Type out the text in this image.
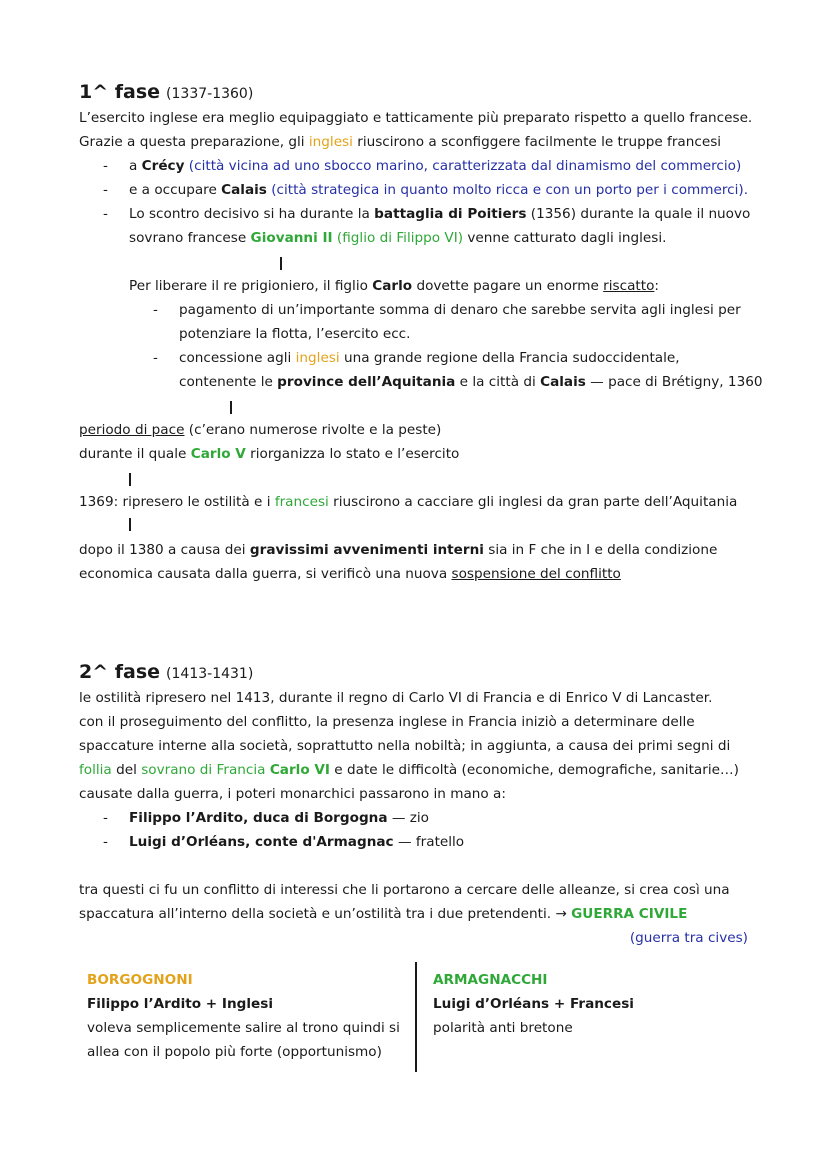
1^ fase (1337-1360)
L’esercito inglese era meglio equipaggiato e tatticamente più preparato rispetto a quello francese.
Grazie a questa preparazione, gli inglesi riuscirono a sconfiggere facilmente le truppe francesi
-	a Crécy (città vicina ad uno sbocco marino, caratterizzata dal dinamismo del commercio)
-	e a occupare Calais (città strategica in quanto molto ricca e con un porto per i commerci).
-	Lo scontro decisivo si ha durante la battaglia di Poitiers (1356) durante la quale il nuovo
sovrano francese Giovanni II (figlio di Filippo VI) venne catturato dagli inglesi.
Per liberare il re prigioniero, il figlio Carlo dovette pagare un enorme riscatto:
-	pagamento di un’importante somma di denaro che sarebbe servita agli inglesi per
potenziare la flotta, l’esercito ecc.
-	concessione agli inglesi una grande regione della Francia sudoccidentale,
contenente le province dell’Aquitania e la città di Calais — pace di Brétigny, 1360
periodo di pace (c’erano numerose rivolte e la peste)
durante il quale Carlo V riorganizza lo stato e l’esercito
1369: ripresero le ostilità e i francesi riuscirono a cacciare gli inglesi da gran parte dell’Aquitania
dopo il 1380 a causa dei gravissimi avvenimenti interni sia in F che in I e della condizione
economica causata dalla guerra, si verificò una nuova sospensione del conflitto
2^ fase (1413-1431)
le ostilità ripresero nel 1413, durante il regno di Carlo VI di Francia e di Enrico V di Lancaster.
con il proseguimento del conflitto, la presenza inglese in Francia iniziò a determinare delle
spaccature interne alla società, soprattutto nella nobiltà; in aggiunta, a causa dei primi segni di
follia del sovrano di Francia Carlo VI e date le difficoltà (economiche, demografiche, sanitarie…)
causate dalla guerra, i poteri monarchici passarono in mano a:
-	Filippo l’Ardito, duca di Borgogna — zio
-	Luigi d’Orléans, conte d'Armagnac — fratello
tra questi ci fu un conflitto di interessi che li portarono a cercare delle alleanze, si crea così una
spaccatura all’interno della società e un’ostilità tra i due pretendenti. → GUERRA CIVILE
(guerra tra cives)
BORGOGNONI
Filippo l’Ardito + Inglesi
voleva semplicemente salire al trono quindi si
allea con il popolo più forte (opportunismo)
ARMAGNACCHI
Luigi d’Orléans + Francesi
polarità anti bretone
